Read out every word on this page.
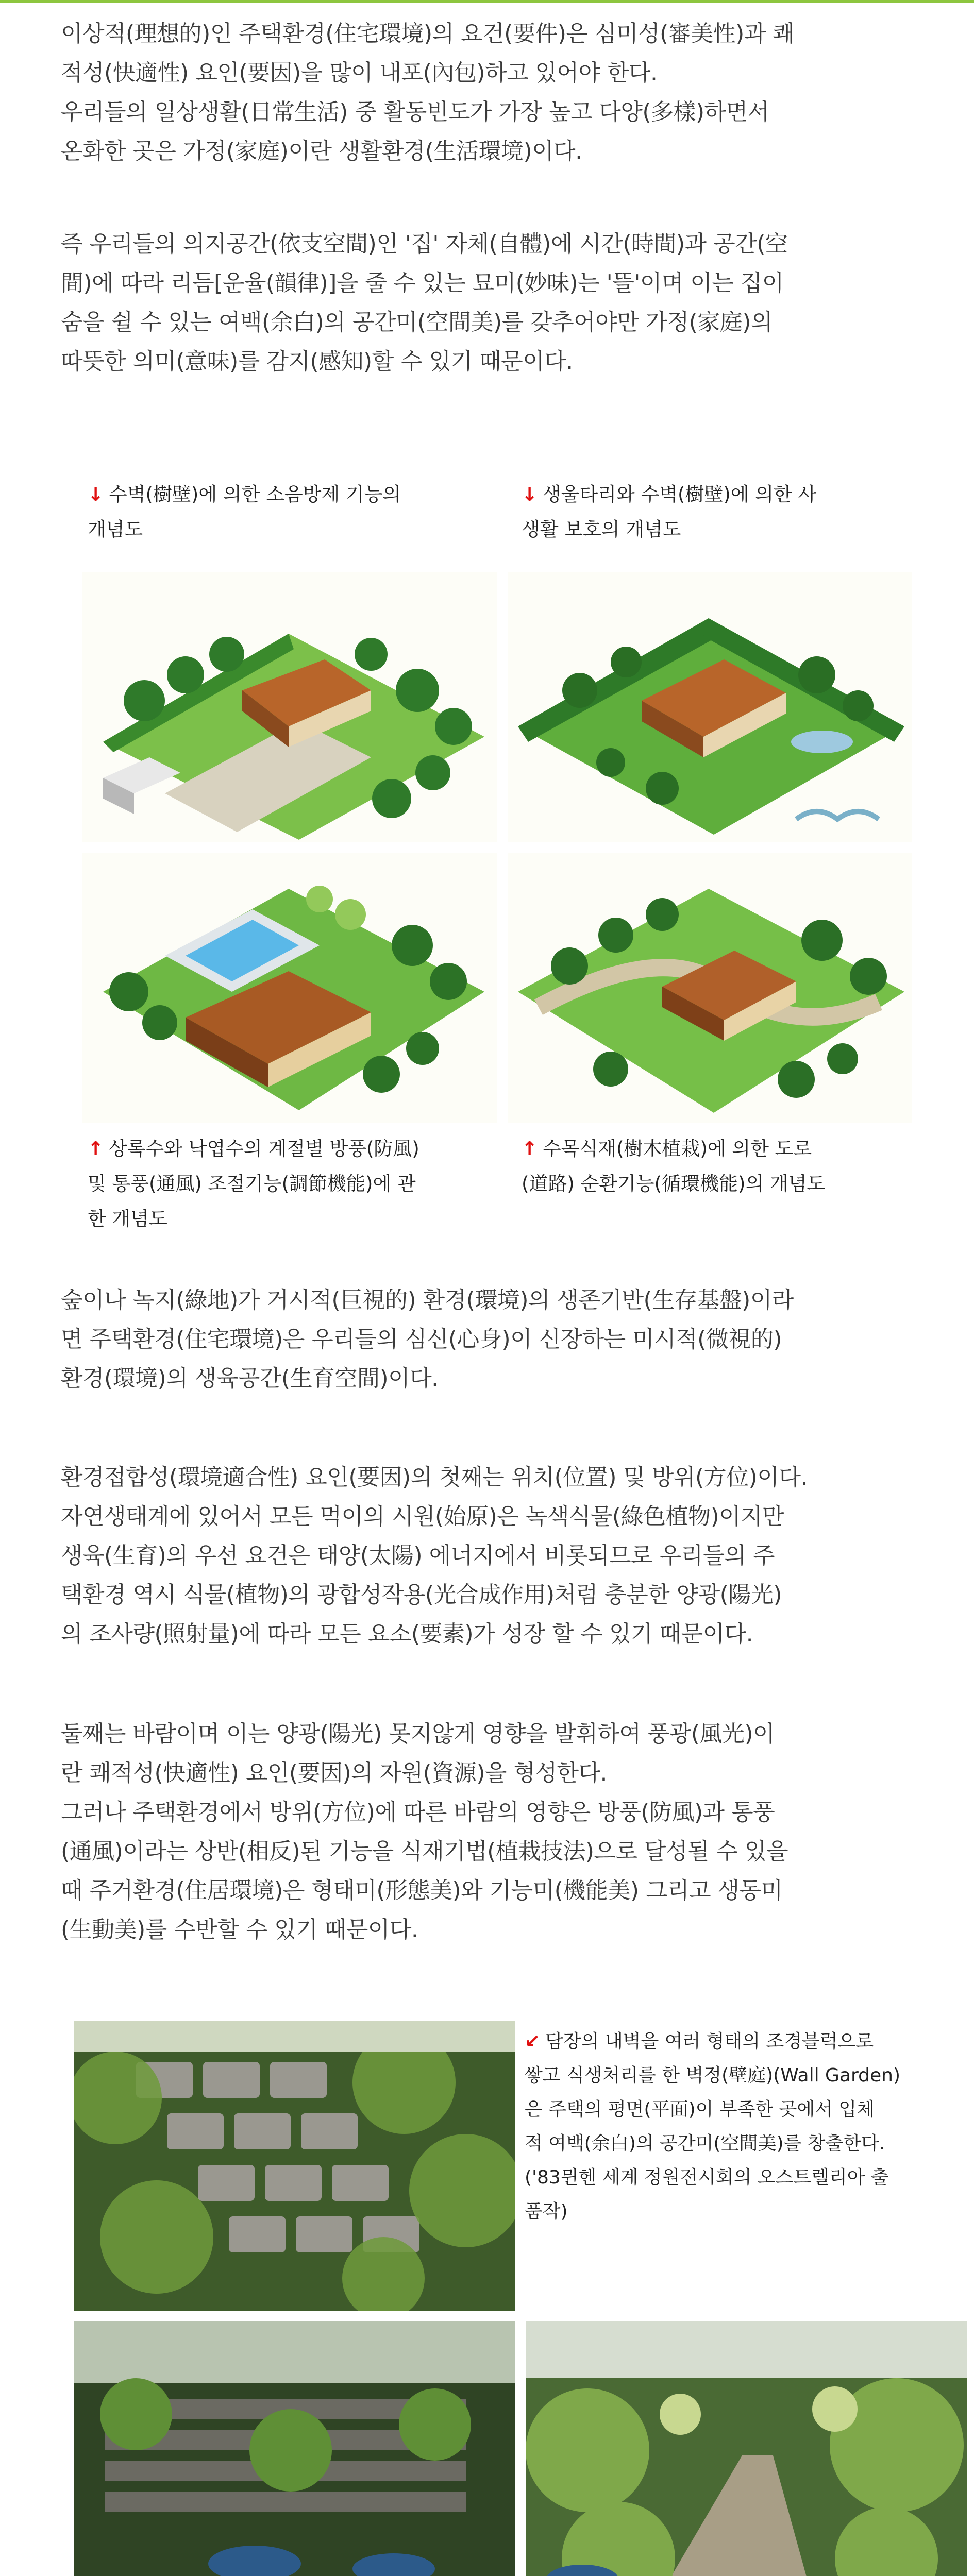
이상적(理想的)인 주택환경(住宅環境)의 요건(要件)은 심미성(審美性)과 쾌
적성(快適性) 요인(要因)을 많이 내포(內包)하고 있어야 한다.
우리들의 일상생활(日常生活) 중 활동빈도가 가장 높고 다양(多樣)하면서
온화한 곳은 가정(家庭)이란 생활환경(生活環境)이다.
즉 우리들의 의지공간(依支空間)인 '집' 자체(自體)에 시간(時間)과 공간(空
間)에 따라 리듬[운율(韻律)]을 줄 수 있는 묘미(妙味)는 '뜰'이며 이는 집이
숨을 쉴 수 있는 여백(余白)의 공간미(空間美)를 갖추어야만 가정(家庭)의
따뜻한 의미(意味)를 감지(感知)할 수 있기 때문이다.
↓ 수벽(樹壁)에 의한 소음방제 기능의
개념도
↓ 생울타리와 수벽(樹壁)에 의한 사
생활 보호의 개념도
↑ 상록수와 낙엽수의 계절별 방풍(防風)
및 통풍(通風) 조절기능(調節機能)에 관
한 개념도
↑ 수목식재(樹木植栽)에 의한 도로
(道路) 순환기능(循環機能)의 개념도
숲이나 녹지(綠地)가 거시적(巨視的) 환경(環境)의 생존기반(生存基盤)이라
면 주택환경(住宅環境)은 우리들의 심신(心身)이 신장하는 미시적(微視的)
환경(環境)의 생육공간(生育空間)이다.
환경접합성(環境適合性) 요인(要因)의 첫째는 위치(位置) 및 방위(方位)이다.
자연생태계에 있어서 모든 먹이의 시원(始原)은 녹색식물(綠色植物)이지만
생육(生育)의 우선 요건은 태양(太陽) 에너지에서 비롯되므로 우리들의 주
택환경 역시 식물(植物)의 광합성작용(光合成作用)처럼 충분한 양광(陽光)
의 조사량(照射量)에 따라 모든 요소(要素)가 성장 할 수 있기 때문이다.
둘째는 바람이며 이는 양광(陽光) 못지않게 영향을 발휘하여 풍광(風光)이
란 쾌적성(快適性) 요인(要因)의 자원(資源)을 형성한다.
그러나 주택환경에서 방위(方位)에 따른 바람의 영향은 방풍(防風)과 통풍
(通風)이라는 상반(相反)된 기능을 식재기법(植栽技法)으로 달성될 수 있을
때 주거환경(住居環境)은 형태미(形態美)와 기능미(機能美) 그리고 생동미
(生動美)를 수반할 수 있기 때문이다.
↙ 담장의 내벽을 여러 형태의 조경블럭으로
쌓고 식생처리를 한 벽정(壁庭)(Wall Garden)
은 주택의 평면(平面)이 부족한 곳에서 입체
적 여백(余白)의 공간미(空間美)를 창출한다.
('83뮌헨 세계 정원전시회의 오스트렐리아 출
품작)
